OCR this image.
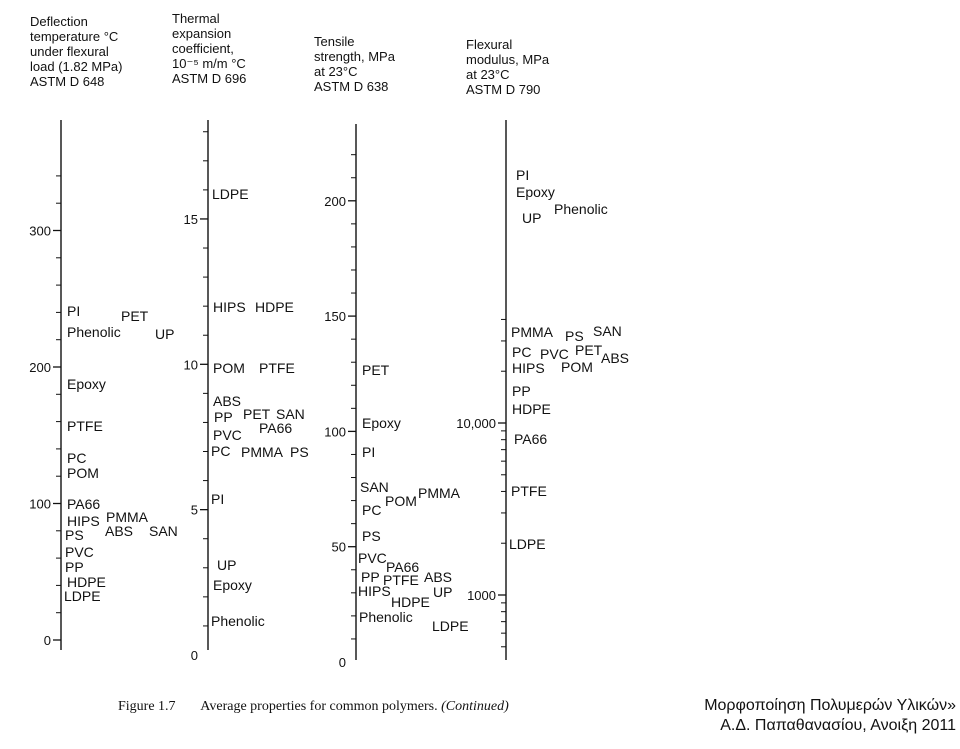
0
100
200
300
PI	PET
Phenolic UP
Epoxy
PTFE
PC
POM
PA66
HIPS PMMA
ABS SAN
PS
PVC
PP
HDPE
LDPE
0
5
10
15
LDPE
HIPS HDPE
POM PTFE
ABS
PP PET SAN
PA66
PVC
PC PMMA PS
PI
UP
Epoxy
Phenolic
0
50
100
150
200
PET
Epoxy
PI
SAN
POM PMMA
PC
PS
PVC
PA66
PP PTFE ABS
HIPS
HDPE
UP
Phenolic
LDPE
1000
10,000
PI
Epoxy
Phenolic
UP
PMMA PS SAN
PC PVC PET
ABS
HIPS POM
PP
HDPE
PA66
PTFE
LDPE
Deflection
temperature °C
under flexural
load (1.82 MPa)
ASTM D 648
Thermal
expansion
coefficient,
10⁻⁵ m/m °C
ASTM D 696
Tensile
strength, MPa
at 23°C
ASTM D 638
Flexural
modulus, MPa
at 23°C
ASTM D 790
Figure 1.7 Average properties for common polymers. (Continued)	Μορφοποίηση Πολυμερών Υλικών»
Α.Δ. Παπαθανασίου, Ανοιξη 2011
